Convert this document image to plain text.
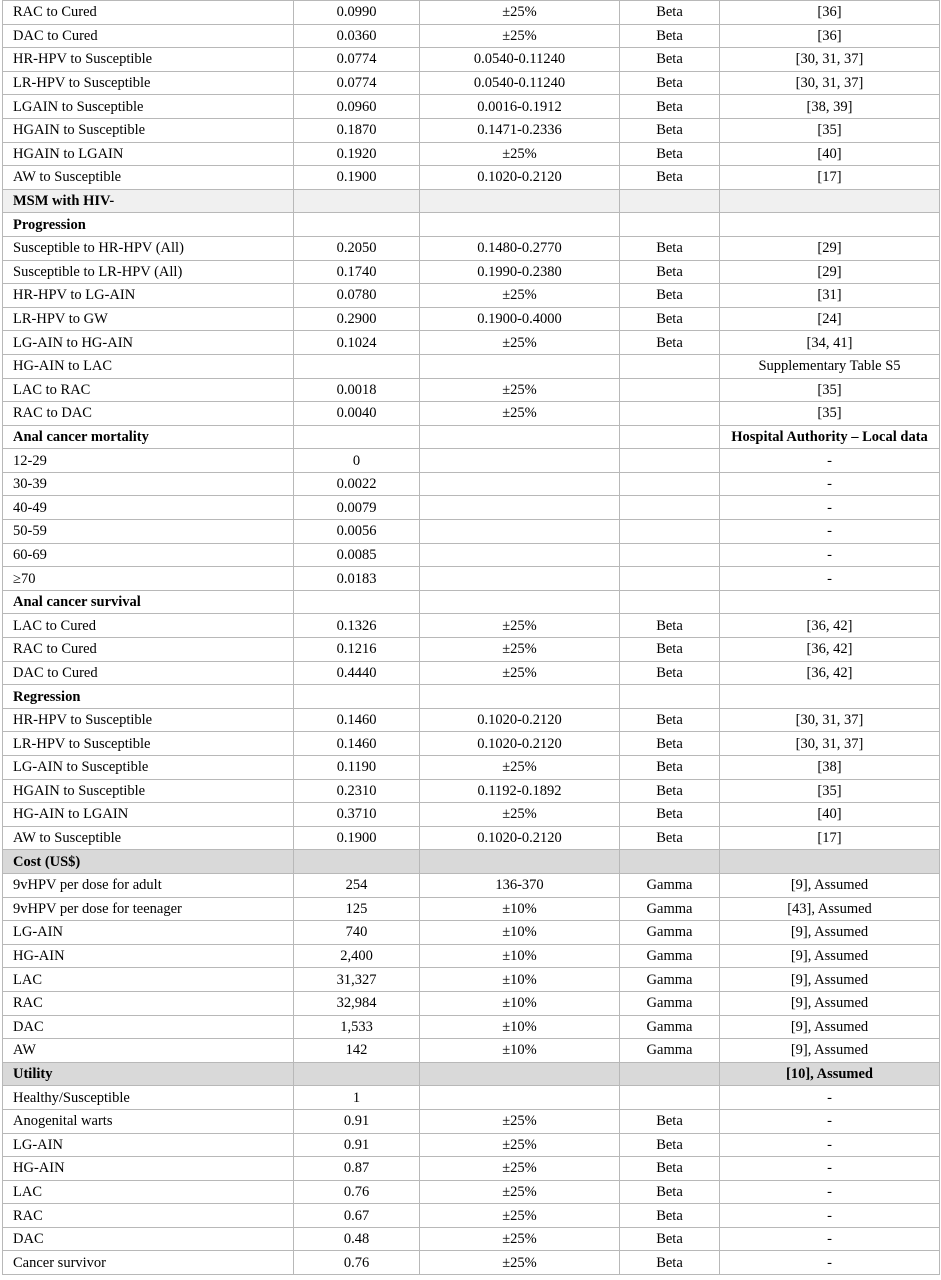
RAC to Cured	0.0990	±25%	Beta	[36]
DAC to Cured	0.0360	±25%	Beta	[36]
HR-HPV to Susceptible	0.0774	0.0540-0.11240	Beta	[30, 31, 37]
LR-HPV to Susceptible	0.0774	0.0540-0.11240	Beta	[30, 31, 37]
LGAIN to Susceptible	0.0960	0.0016-0.1912	Beta	[38, 39]
HGAIN to Susceptible	0.1870	0.1471-0.2336	Beta	[35]
HGAIN to LGAIN	0.1920	±25%	Beta	[40]
AW to Susceptible	0.1900	0.1020-0.2120	Beta	[17]
MSM with HIV-				
Progression				
Susceptible to HR-HPV (All)	0.2050	0.1480-0.2770	Beta	[29]
Susceptible to LR-HPV (All)	0.1740	0.1990-0.2380	Beta	[29]
HR-HPV to LG-AIN	0.0780	±25%	Beta	[31]
LR-HPV to GW	0.2900	0.1900-0.4000	Beta	[24]
LG-AIN to HG-AIN	0.1024	±25%	Beta	[34, 41]
HG-AIN to LAC				Supplementary Table S5
LAC to RAC	0.0018	±25%		[35]
RAC to DAC	0.0040	±25%		[35]
Anal cancer mortality				Hospital Authority – Local data
12-29	0			-
30-39	0.0022			-
40-49	0.0079			-
50-59	0.0056			-
60-69	0.0085			-
≥70	0.0183			-
Anal cancer survival				
LAC to Cured	0.1326	±25%	Beta	[36, 42]
RAC to Cured	0.1216	±25%	Beta	[36, 42]
DAC to Cured	0.4440	±25%	Beta	[36, 42]
Regression				
HR-HPV to Susceptible	0.1460	0.1020-0.2120	Beta	[30, 31, 37]
LR-HPV to Susceptible	0.1460	0.1020-0.2120	Beta	[30, 31, 37]
LG-AIN to Susceptible	0.1190	±25%	Beta	[38]
HGAIN to Susceptible	0.2310	0.1192-0.1892	Beta	[35]
HG-AIN to LGAIN	0.3710	±25%	Beta	[40]
AW to Susceptible	0.1900	0.1020-0.2120	Beta	[17]
Cost (US$)				
9vHPV per dose for adult	254	136-370	Gamma	[9], Assumed
9vHPV per dose for teenager	125	±10%	Gamma	[43], Assumed
LG-AIN	740	±10%	Gamma	[9], Assumed
HG-AIN	2,400	±10%	Gamma	[9], Assumed
LAC	31,327	±10%	Gamma	[9], Assumed
RAC	32,984	±10%	Gamma	[9], Assumed
DAC	1,533	±10%	Gamma	[9], Assumed
AW	142	±10%	Gamma	[9], Assumed
Utility				[10], Assumed
Healthy/Susceptible	1			-
Anogenital warts	0.91	±25%	Beta	-
LG-AIN	0.91	±25%	Beta	-
HG-AIN	0.87	±25%	Beta	-
LAC	0.76	±25%	Beta	-
RAC	0.67	±25%	Beta	-
DAC	0.48	±25%	Beta	-
Cancer survivor	0.76	±25%	Beta	-
